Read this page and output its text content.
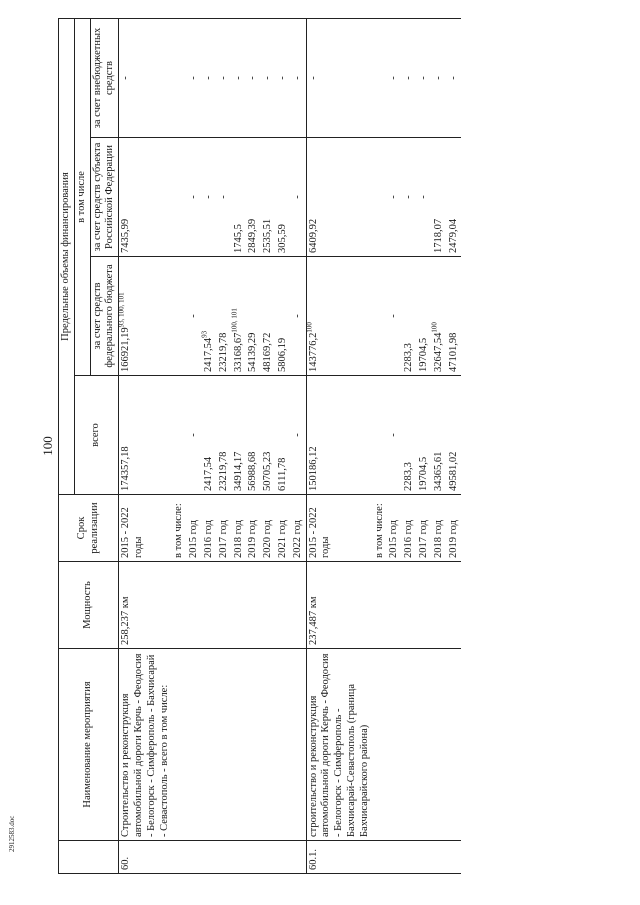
100
2912583.doc
	Наименование мероприятия	Мощность	Срок реализации	Предельные объемы финансирования			
				всего	в том числе		
					за счет средств федерального бюджета	за счет средств субъекта Российской Федерации	за счет внебюджетных средств
60.	Строительство и реконструкция автомобильной дороги Керчь - Феодосия - Белогорск - Симферополь - Бахчисарай - Севастополь - всего в том числе:	258,237 км	2015 - 2022 годы	174357,18	166921,19$^{93, 100, 101}$	7435,99	-
			в том числе:				
			2015 год	-	-	-	-
			2016 год	2417,54	2417,54$^{93}$	-	-
			2017 год	23219,78	23219,78	-	-
			2018 год	34914,17	33168,67$^{100, 101}$	1745,5	-
			2019 год	56988,68	54139,29	2849,39	-
			2020 год	50705,23	48169,72	2535,51	-
			2021 год	6111,78	5806,19	305,59	-
			2022 год	-	-	-	-
60.1.	строительство и реконструкция автомобильной дороги Керчь - Феодосия - Белогорск - Симферополь - Бахчисарай-Севастополь (граница Бахчисарайского района)	237,487 км	2015 - 2022 годы	150186,12	143776,2$^{100}$	6409,92	-
			в том числе:				
			2015 год	-	-	-	-
			2016 год	2283,3	2283,3	-	-
			2017 год	19704,5	19704,5	-	-
			2018 год	34365,61	32647,54$^{100}$	1718,07	-
			2019 год	49581,02	47101,98	2479,04	-
